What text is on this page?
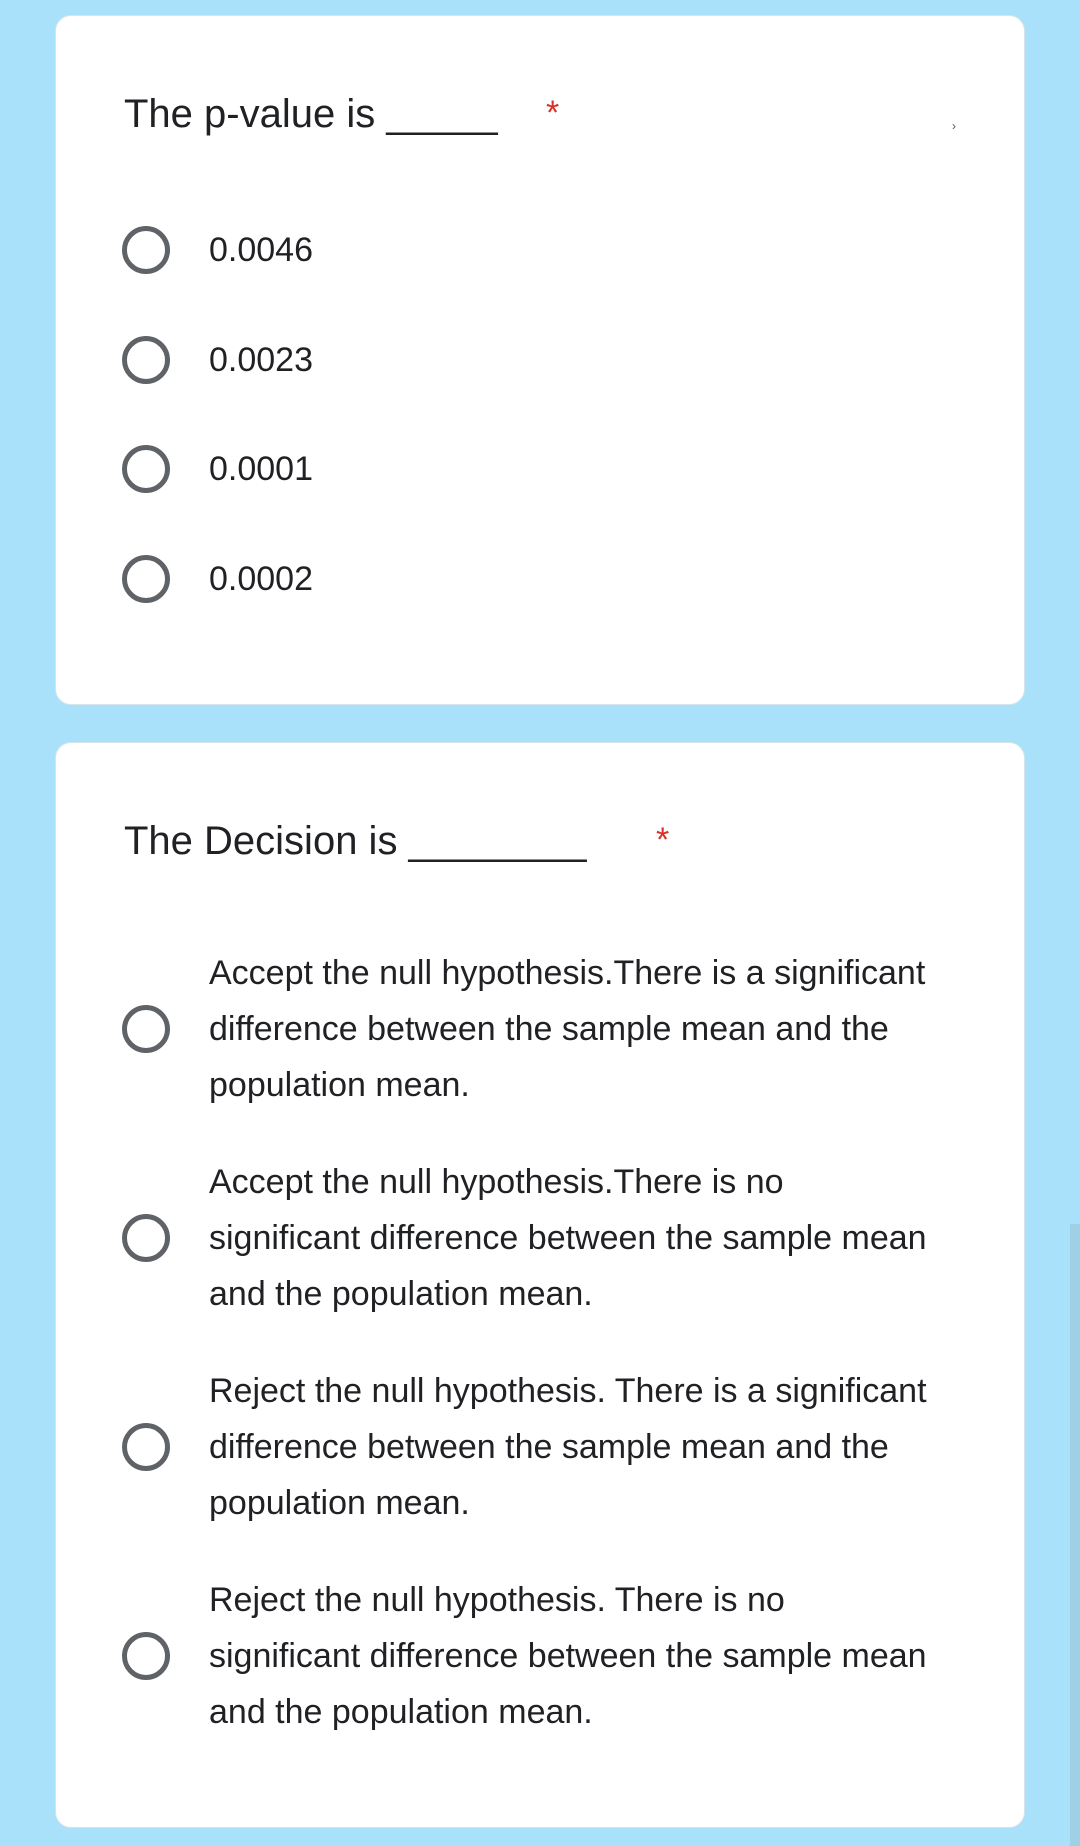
The p-value is _____ *	›
0.0046
0.0023
0.0001
0.0002
The Decision is ________ *
Accept the null hypothesis.There is a significant difference between the sample mean and the population mean.
Accept the null hypothesis.There is no significant difference between the sample mean and the population mean.
Reject the null hypothesis. There is a significant difference between the sample mean and the population mean.
Reject the null hypothesis. There is no significant difference between the sample mean and the population mean.
